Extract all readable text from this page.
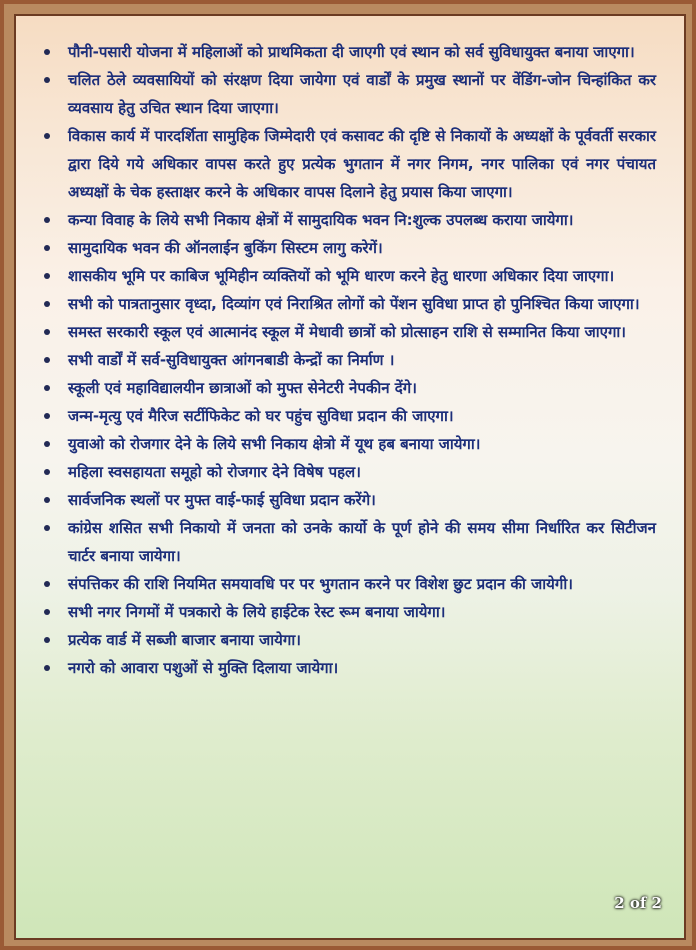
पौनी-पसारी योजना में महिलाओं को प्राथमिकता दी जाएगी एवं स्थान को सर्व सुविधायुक्त बनाया जाएगा।
चलित ठेले व्यवसायियों को संरक्षण दिया जायेगा एवं वार्डों के प्रमुख स्थानों पर वेंडिंग-जोन चिन्हांकित कर व्यवसाय हेतु उचित स्थान दिया जाएगा।
विकास कार्य में पारदर्शिता सामुहिक जिम्मेदारी एवं कसावट की दृष्टि से निकायों के अध्यक्षों के पूर्ववर्ती सरकार द्वारा दिये गये अधिकार वापस करते हुए प्रत्येक भुगतान में नगर निगम, नगर पालिका एवं नगर पंचायत अध्यक्षों के चेक हस्ताक्षर करने के अधिकार वापस दिलाने हेतु प्रयास किया जाएगा।
कन्या विवाह के लिये सभी निकाय क्षेत्रों में सामुदायिक भवन नि:शुल्क उपलब्ध कराया जायेगा।
सामुदायिक भवन की ऑनलाईन बुकिंग सिस्टम लागु करेगें।
शासकीय भूमि पर काबिज भूमिहीन व्यक्तियों को भूमि धारण करने हेतु धारणा अधिकार दिया जाएगा।
सभी को पात्रतानुसार वृध्दा, दिव्यांग एवं निराश्रित लोगों को पेंशन सुविधा प्राप्त हो पुनिश्चित किया जाएगा।
समस्त सरकारी स्कूल एवं आत्मानंद स्कूल में मेधावी छात्रों को प्रोत्साहन राशि से सम्मानित किया जाएगा।
सभी वार्डों में सर्व-सुविधायुक्त आंगनबाडी केन्द्रों का निर्माण ।
स्कूली एवं महाविद्यालयीन छात्राओं को मुफ्त सेनेटरी नेपकीन देंगे।
जन्म-मृत्यु एवं मैरिज सर्टीफिकेट को घर पहुंच सुविधा प्रदान की जाएगा।
युवाओ को रोजगार देने के लिये सभी निकाय क्षेत्रो में यूथ हब बनाया जायेगा।
महिला स्वसहायता समूहो को रोजगार देने विषेष पहल।
सार्वजनिक स्थलों पर मुफ्त वाई-फाई सुविधा प्रदान करेंगे।
कांग्रेस शसित सभी निकायो में जनता को उनके कार्यो के पूर्ण होने की समय सीमा निर्धारित कर सिटीजन चार्टर बनाया जायेगा।
संपत्तिकर की राशि नियमित समयावधि पर पर भुगतान करने पर विशेश छुट प्रदान की जायेगी।
सभी नगर निगमों में पत्रकारो के लिये हाईटेक रेस्ट रूम बनाया जायेगा।
प्रत्येक वार्ड में सब्जी बाजार बनाया जायेगा।
नगरो को आवारा पशुओं से मुक्ति दिलाया जायेगा।
2 of 2
